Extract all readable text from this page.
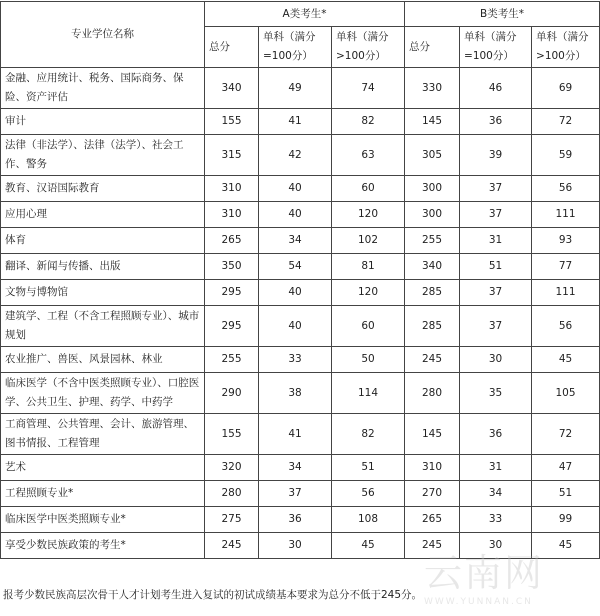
专业学位名称	A类考生*			B类考生*		
	总分	单科（满分=100分）	单科（满分>100分）	总分	单科（满分=100分）	单科（满分>100分）
金融、应用统计、税务、国际商务、保险、资产评估	340	49	74	330	46	69
审计	155	41	82	145	36	72
法律（非法学）、法律（法学）、社会工作、警务	315	42	63	305	39	59
教育、汉语国际教育	310	40	60	300	37	56
应用心理	310	40	120	300	37	111
体育	265	34	102	255	31	93
翻译、新闻与传播、出版	350	54	81	340	51	77
文物与博物馆	295	40	120	285	37	111
建筑学、工程（不含工程照顾专业）、城市规划	295	40	60	285	37	56
农业推广、兽医、风景园林、林业	255	33	50	245	30	45
临床医学（不含中医类照顾专业）、口腔医学、公共卫生、护理、药学、中药学	290	38	114	280	35	105
工商管理、公共管理、会计、旅游管理、图书情报、工程管理	155	41	82	145	36	72
艺术	320	34	51	310	31	47
工程照顾专业*	280	37	56	270	34	51
临床医学中医类照顾专业*	275	36	108	265	33	99
享受少数民族政策的考生*	245	30	45	245	30	45
报考少数民族高层次骨干人才计划考生进入复试的初试成绩基本要求为总分不低于245分。 云南网
WWW.YUNNAN.CN
